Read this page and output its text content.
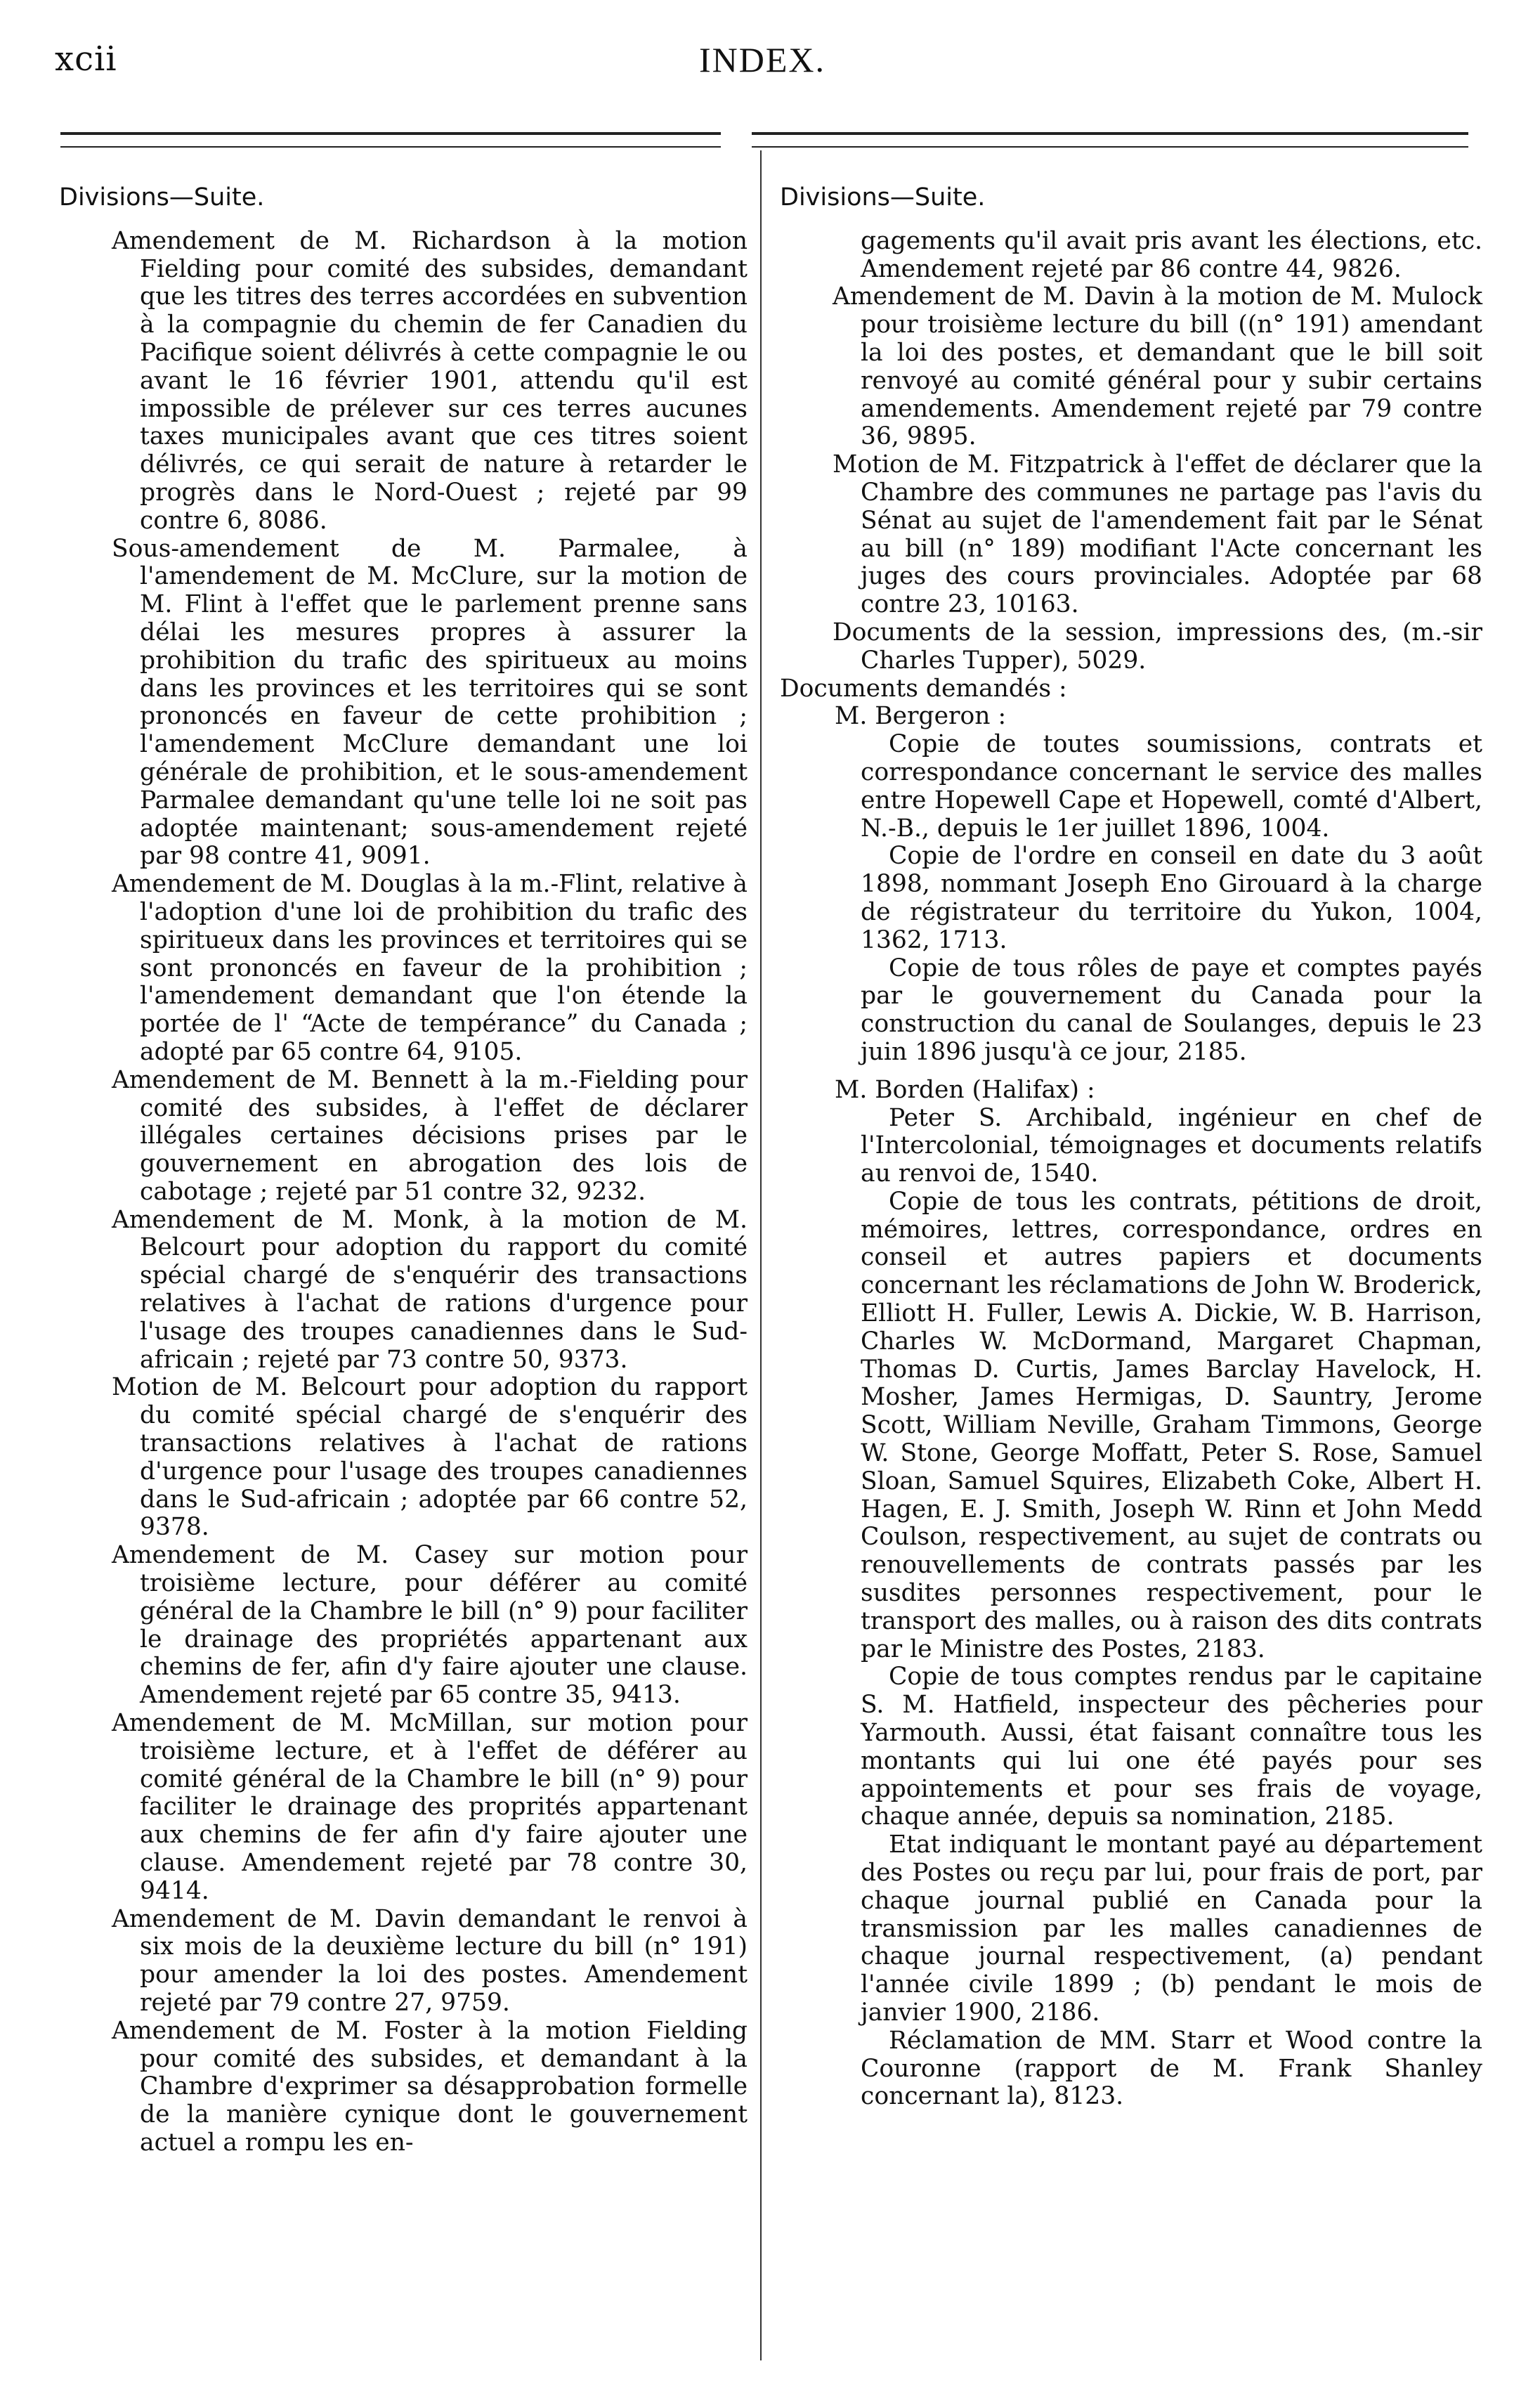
xcii	INDEX.
Divisions—Suite.

Amendement de M. Richardson à la motion Fielding pour comité des subsides, demandant que les titres des terres accordées en subvention à la compagnie du chemin de fer Canadien du Pacifique soient délivrés à cette compagnie le ou avant le 16 février 1901, attendu qu'il est impossible de prélever sur ces terres aucunes taxes municipales avant que ces titres soient délivrés, ce qui serait de nature à retarder le progrès dans le Nord-Ouest ; rejeté par 99 contre 6, 8086.

Sous-amendement de M. Parmalee, à l'amendement de M. McClure, sur la motion de M. Flint à l'effet que le parlement prenne sans délai les mesures propres à assurer la prohibition du trafic des spiritueux au moins dans les provinces et les territoires qui se sont prononcés en faveur de cette prohibition ; l'amendement McClure demandant une loi générale de prohibition, et le sous-amendement Parmalee demandant qu'une telle loi ne soit pas adoptée maintenant; sous-amendement rejeté par 98 contre 41, 9091.

Amendement de M. Douglas à la m.-Flint, relative à l'adoption d'une loi de prohibition du trafic des spiritueux dans les provinces et territoires qui se sont prononcés en faveur de la prohibition ; l'amendement demandant que l'on étende la portée de l' “Acte de tempérance” du Canada ; adopté par 65 contre 64, 9105.

Amendement de M. Bennett à la m.-Fielding pour comité des subsides, à l'effet de déclarer illégales certaines décisions prises par le gouvernement en abrogation des lois de cabotage ; rejeté par 51 contre 32, 9232.

Amendement de M. Monk, à la motion de M. Belcourt pour adoption du rapport du comité spécial chargé de s'enquérir des transactions relatives à l'achat de rations d'urgence pour l'usage des troupes canadiennes dans le Sud-africain ; rejeté par 73 contre 50, 9373.

Motion de M. Belcourt pour adoption du rapport du comité spécial chargé de s'enquérir des transactions relatives à l'achat de rations d'urgence pour l'usage des troupes canadiennes dans le Sud-africain ; adoptée par 66 contre 52, 9378.

Amendement de M. Casey sur motion pour troisième lecture, pour déférer au comité général de la Chambre le bill (n° 9) pour faciliter le drainage des propriétés appartenant aux chemins de fer, afin d'y faire ajouter une clause. Amendement rejeté par 65 contre 35, 9413.

Amendement de M. McMillan, sur motion pour troisième lecture, et à l'effet de déférer au comité général de la Chambre le bill (n° 9) pour faciliter le drainage des proprités appartenant aux chemins de fer afin d'y faire ajouter une clause. Amendement rejeté par 78 contre 30, 9414.

Amendement de M. Davin demandant le renvoi à six mois de la deuxième lecture du bill (n° 191) pour amender la loi des postes. Amendement rejeté par 79 contre 27, 9759.

Amendement de M. Foster à la motion Fielding pour comité des subsides, et demandant à la Chambre d'exprimer sa désapprobation formelle de la manière cynique dont le gouvernement actuel a rompu les en-

Divisions—Suite.

gagements qu'il avait pris avant les élections, etc. Amendement rejeté par 86 contre 44, 9826.

Amendement de M. Davin à la motion de M. Mulock pour troisième lecture du bill ((n° 191) amendant la loi des postes, et demandant que le bill soit renvoyé au comité général pour y subir certains amendements. Amendement rejeté par 79 contre 36, 9895.

Motion de M. Fitzpatrick à l'effet de déclarer que la Chambre des communes ne partage pas l'avis du Sénat au sujet de l'amendement fait par le Sénat au bill (n° 189) modifiant l'Acte concernant les juges des cours provinciales. Adoptée par 68 contre 23, 10163.

Documents de la session, impressions des, (m.-sir Charles Tupper), 5029.

Documents demandés :

M. Bergeron :

Copie de toutes soumissions, contrats et correspondance concernant le service des malles entre Hopewell Cape et Hopewell, comté d'Albert, N.-B., depuis le 1er juillet 1896, 1004.

Copie de l'ordre en conseil en date du 3 août 1898, nommant Joseph Eno Girouard à la charge de régistrateur du territoire du Yukon, 1004, 1362, 1713.

Copie de tous rôles de paye et comptes payés par le gouvernement du Canada pour la construction du canal de Soulanges, depuis le 23 juin 1896 jusqu'à ce jour, 2185.

M. Borden (Halifax) :

Peter S. Archibald, ingénieur en chef de l'Intercolonial, témoignages et documents relatifs au renvoi de, 1540.

Copie de tous les contrats, pétitions de droit, mémoires, lettres, correspondance, ordres en conseil et autres papiers et documents concernant les réclamations de John W. Broderick, Elliott H. Fuller, Lewis A. Dickie, W. B. Harrison, Charles W. McDormand, Margaret Chapman, Thomas D. Curtis, James Barclay Havelock, H. Mosher, James Hermigas, D. Sauntry, Jerome Scott, William Neville, Graham Timmons, George W. Stone, George Moffatt, Peter S. Rose, Samuel Sloan, Samuel Squires, Elizabeth Coke, Albert H. Hagen, E. J. Smith, Joseph W. Rinn et John Medd Coulson, respectivement, au sujet de contrats ou renouvellements de contrats passés par les susdites personnes respectivement, pour le transport des malles, ou à raison des dits contrats par le Ministre des Postes, 2183.

Copie de tous comptes rendus par le capitaine S. M. Hatfield, inspecteur des pêcheries pour Yarmouth. Aussi, état faisant connaître tous les montants qui lui one été payés pour ses appointements et pour ses frais de voyage, chaque année, depuis sa nomination, 2185.

Etat indiquant le montant payé au département des Postes ou reçu par lui, pour frais de port, par chaque journal publié en Canada pour la transmission par les malles canadiennes de chaque journal respectivement, (a) pendant l'année civile 1899 ; (b) pendant le mois de janvier 1900, 2186.

Réclamation de MM. Starr et Wood contre la Couronne (rapport de M. Frank Shanley concernant la), 8123.
